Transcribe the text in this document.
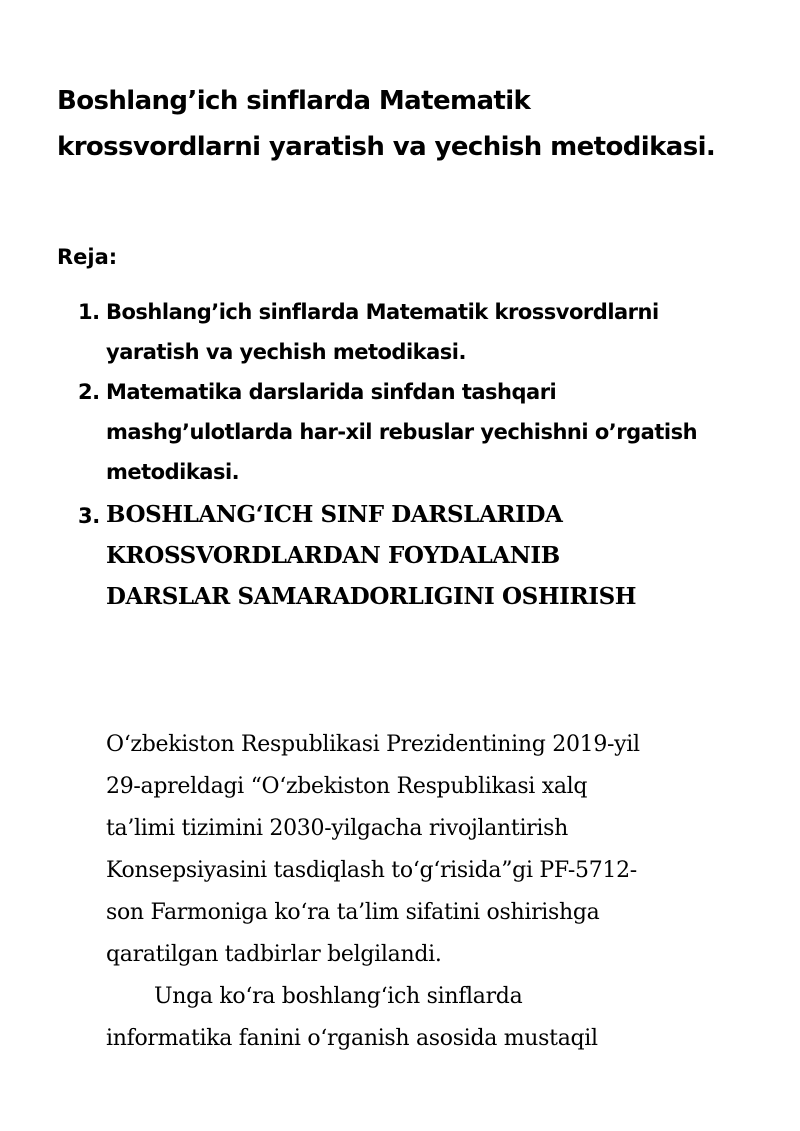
Boshlang’ich sinflarda Matematik
krossvordlarni yaratish va yechish metodikasi.
Reja:
1. Boshlang’ich sinflarda Matematik krossvordlarni
yaratish va yechish metodikasi.
2. Matematika darslarida sinfdan tashqari
mashg’ulotlarda har-xil rebuslar yechishni o’rgatish
metodikasi.
3. BOSHLANG‘ICH SINF DARSLARIDA
KROSSVORDLARDAN FOYDALANIB
DARSLAR SAMARADORLIGINI OSHIRISH
O‘zbekiston Respublikasi Prezidentining 2019-yil
29-apreldagi “O‘zbekiston Respublikasi xalq
ta’limi tizimini 2030-yilgacha rivojlantirish
Konsepsiyasini tasdiqlash to‘g‘risida”gi PF-5712-
son Farmoniga ko‘ra ta’lim sifatini oshirishga
qaratilgan tadbirlar belgilandi.
Unga ko‘ra boshlang‘ich sinflarda
informatika fanini o‘rganish asosida mustaqil
